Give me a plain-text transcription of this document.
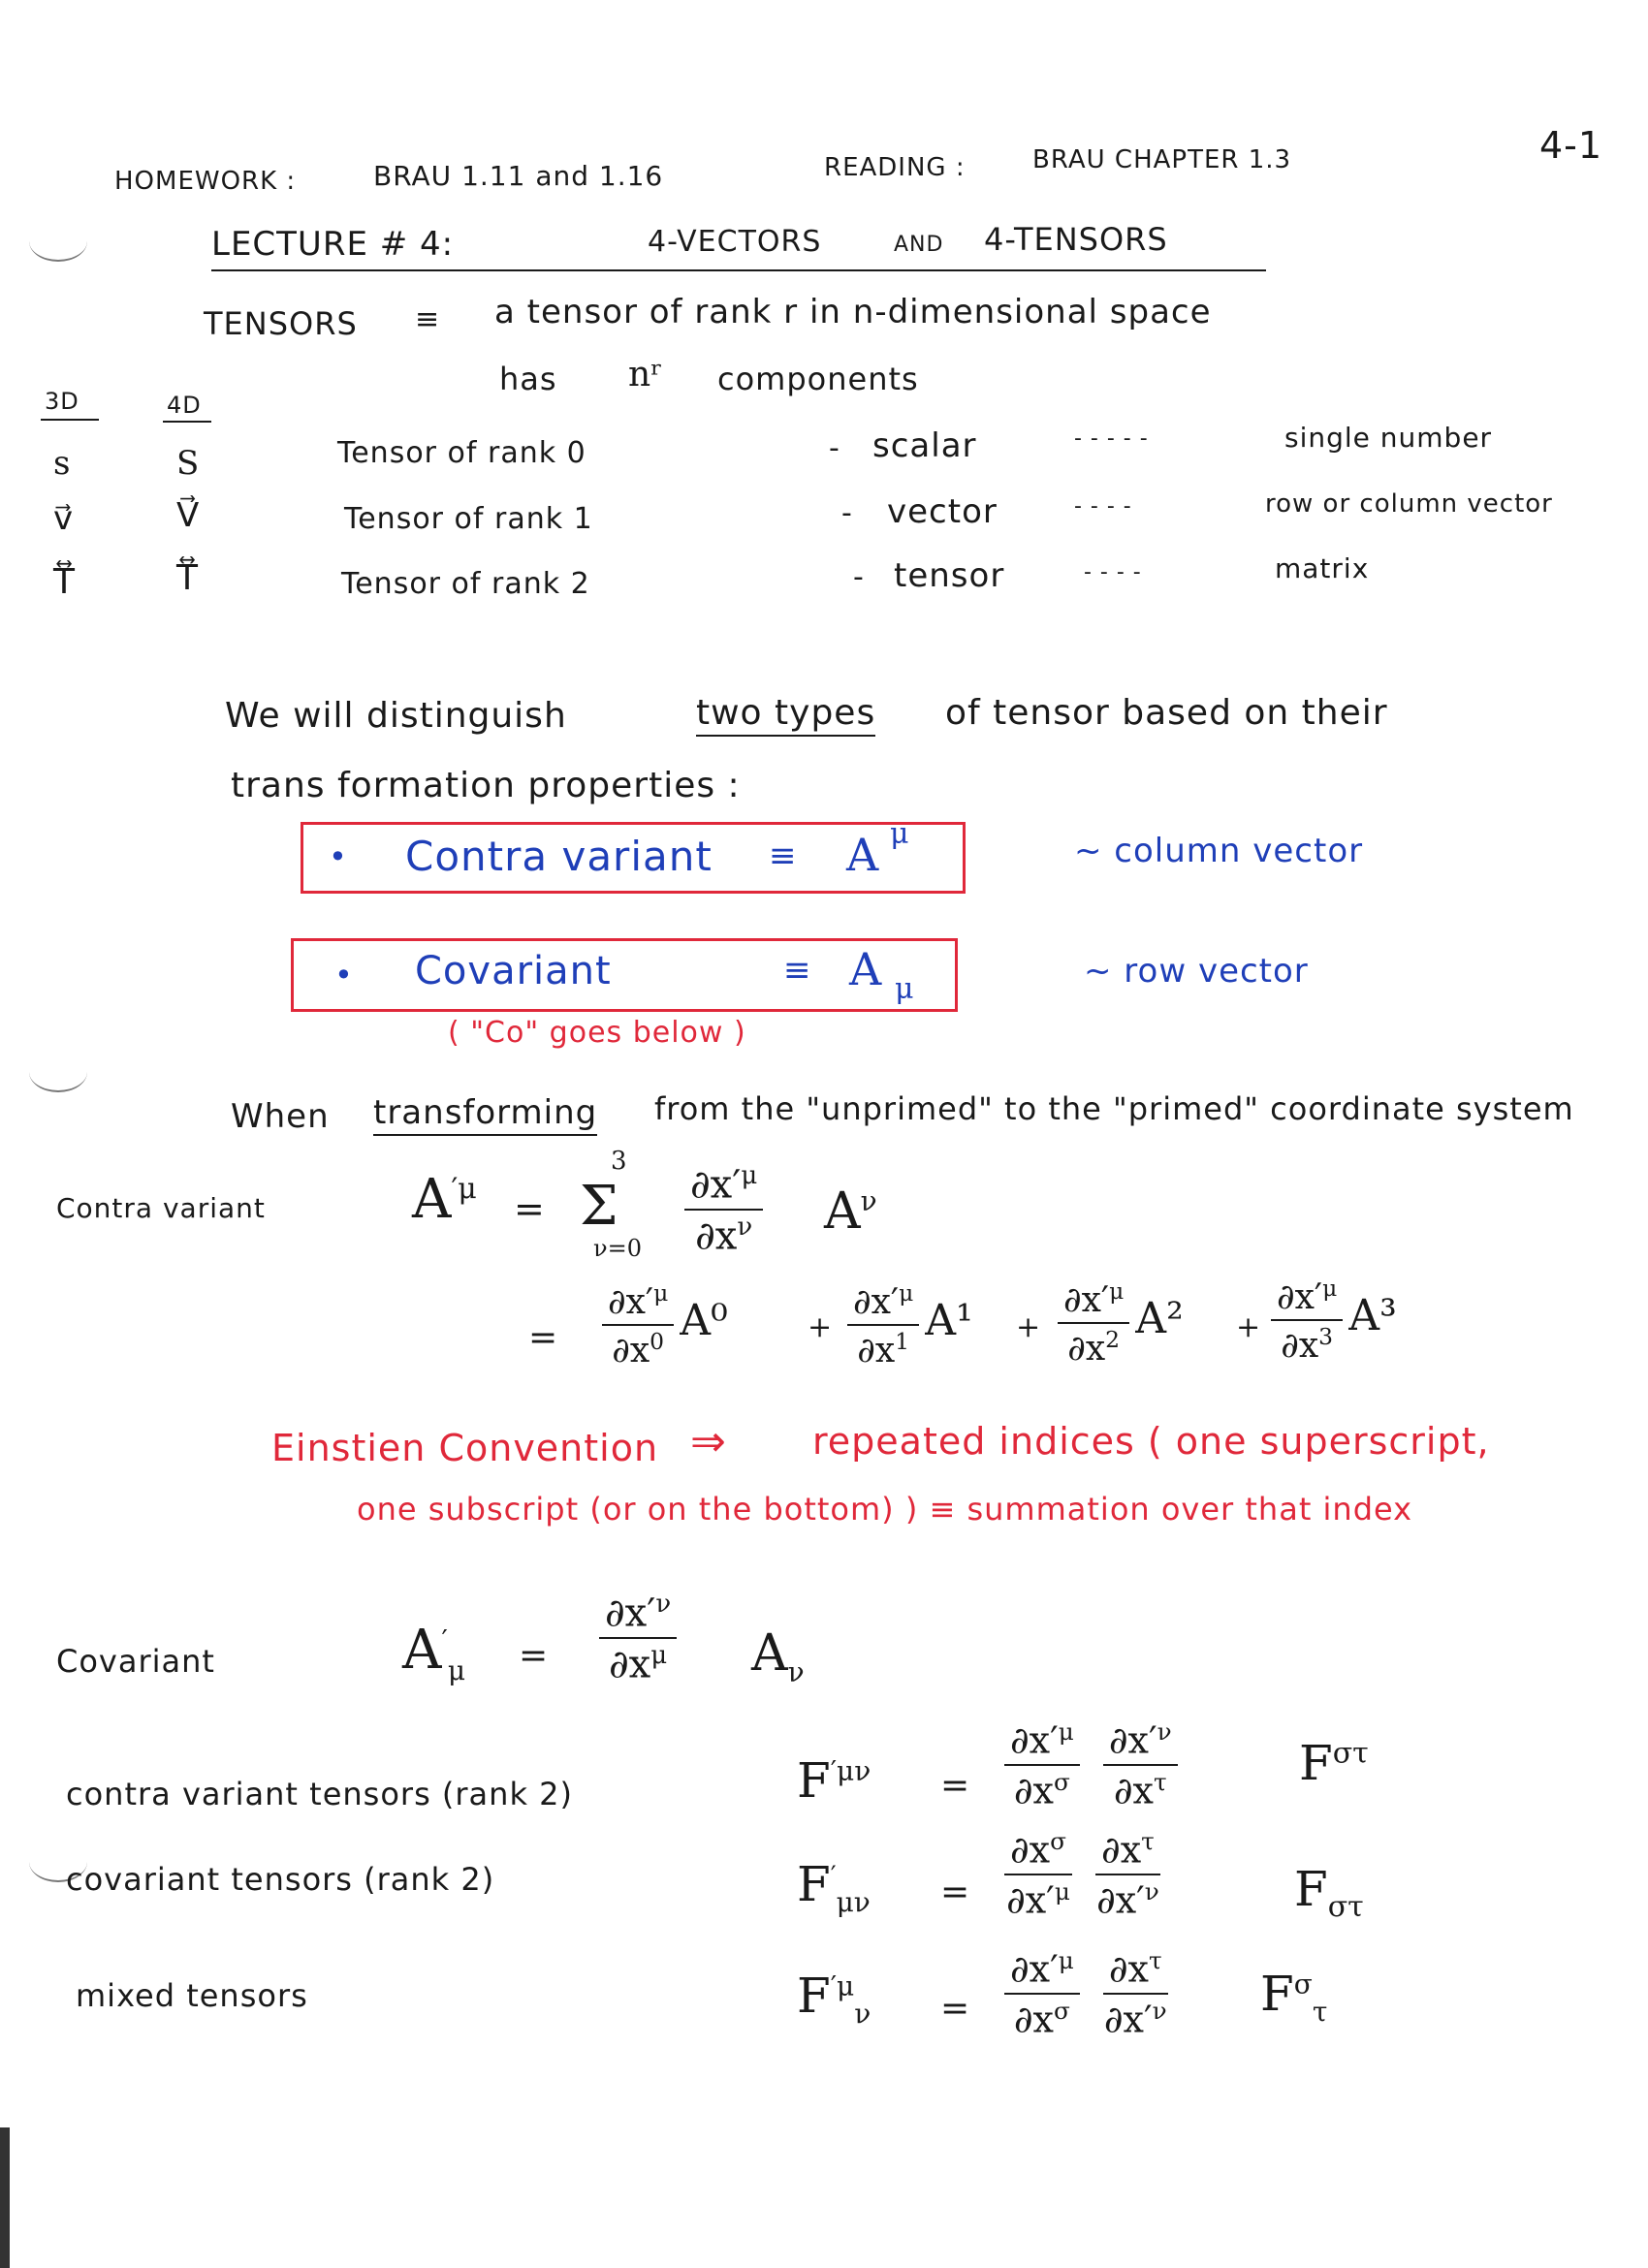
4-1
HOMEWORK :	BRAU 1.11 and 1.16	READING :	BRAU CHAPTER 1.3
LECTURE # 4:	4-VECTORS	AND 4-TENSORS
TENSORS ≡ a tensor of rank r in n-dimensional space
has nʳ components
3D	4D
s	S	Tensor of rank 0	- scalar	- - - - -	single number
v⃗	V⃗	Tensor of rank 1	- vector	- - - -	row or column vector
T⃡	T⃡	Tensor of rank 2	- tensor	- - - -	matrix
We will distinguish	two types of tensor based on their
trans formation properties :
• Contra variant ≡ A μ	~ column vector
• Covariant	≡ A μ
( "Co" goes below )
~ row vector
When transforming from the "unprimed" to the "primed" coordinate system
Contra variant	$A^{'\mu}$ =
3
Σ
$\nu=0 \frac{\partial x'^\mu}{\partial x^\nu} A^\nu$
= $\frac{\partial x'^\mu}{\partial x^0} A^0$	+ $\frac{\partial x'^\mu}{\partial x^1} A^1 + \frac{\partial x'^\mu}{\partial x^2} A^2 + \frac{\partial x'^\mu}{\partial x^3} A^3$
Einstien Convention ⇒ repeated indices ( one superscript,
one subscript (or on the bottom) ) ≡ summation over that index
Covariant	$A'_\mu = \frac{\partial x'^\nu}{\partial x^\mu} A_\nu$
contra variant tensors (rank 2)	$F^{'\mu\nu} = \frac{\partial x'^\mu}{\partial x^\sigma}$
$\frac{\partial x'^\nu}{\partial x^\tau}$	$F^{\sigma\tau}$
covariant tensors (rank 2)	$F'_{\mu\nu} = \frac{\partial x^\sigma}{\partial x'^\mu}$
$\frac{\partial x^\tau}{\partial x'^\nu}$	$F_{\sigma\tau}$
mixed tensors	$F^{'\mu}_\nu = \frac{\partial x'^\mu}{\partial x^\sigma}$
$\frac{\partial x^\tau}{\partial x'^\nu} F^\sigma_\tau$
